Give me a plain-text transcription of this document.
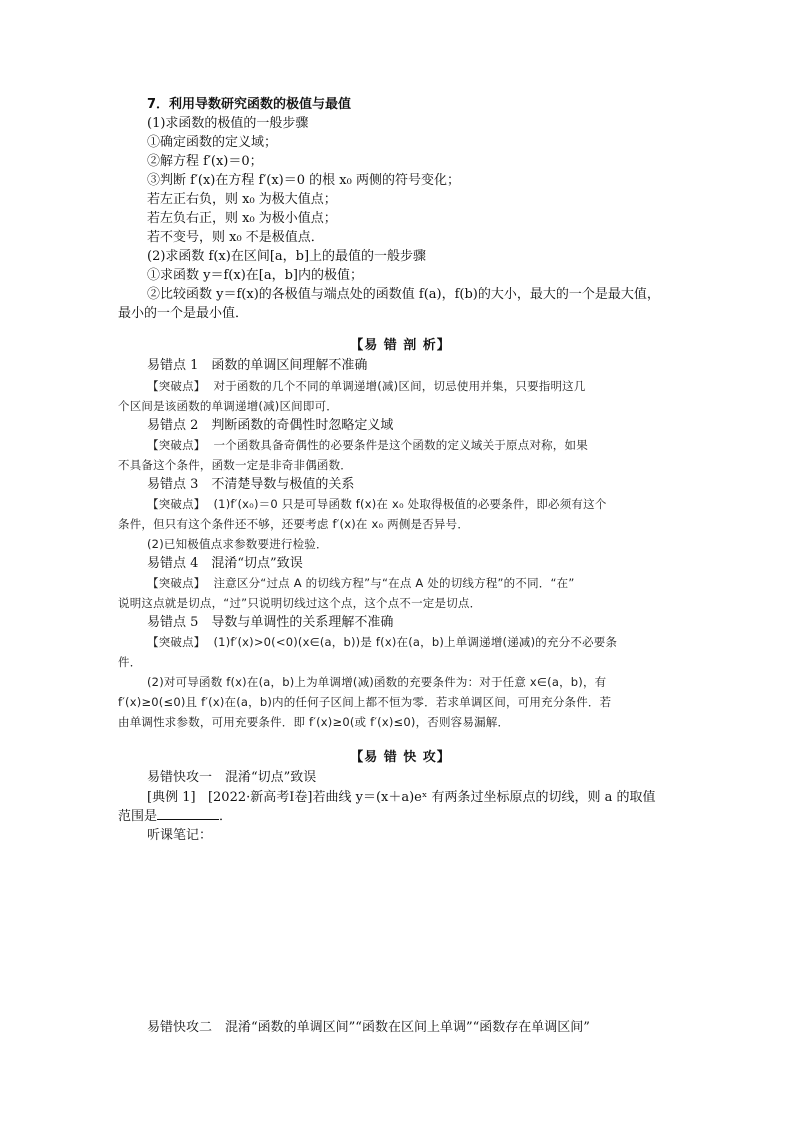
7．利用导数研究函数的极值与最值
(1)求函数的极值的一般步骤
①确定函数的定义域；
②解方程 f′(x)＝0；
③判断 f′(x)在方程 f′(x)＝0 的根 x₀ 两侧的符号变化；
若左正右负，则 x₀ 为极大值点；
若左负右正，则 x₀ 为极小值点；
若不变号，则 x₀ 不是极值点．
(2)求函数 f(x)在区间[a，b]上的最值的一般步骤
①求函数 y＝f(x)在[a，b]内的极值；
②比较函数 y＝f(x)的各极值与端点处的函数值 f(a)，f(b)的大小，最大的一个是最大值，
最小的一个是最小值．
【易 错 剖 析】
易错点 1　函数的单调区间理解不准确
【突破点】 对于函数的几个不同的单调递增(减)区间，切忌使用并集，只要指明这几
个区间是该函数的单调递增(减)区间即可．
易错点 2　判断函数的奇偶性时忽略定义域
【突破点】 一个函数具备奇偶性的必要条件是这个函数的定义域关于原点对称，如果
不具备这个条件，函数一定是非奇非偶函数．
易错点 3　不清楚导数与极值的关系
【突破点】 (1)f′(x₀)＝0 只是可导函数 f(x)在 x₀ 处取得极值的必要条件，即必须有这个
条件，但只有这个条件还不够，还要考虑 f′(x)在 x₀ 两侧是否异号．
(2)已知极值点求参数要进行检验．
易错点 4　混淆“切点”致误
【突破点】 注意区分“过点 A 的切线方程”与“在点 A 处的切线方程”的不同．“在”
说明这点就是切点，“过”只说明切线过这个点，这个点不一定是切点．
易错点 5　导数与单调性的关系理解不准确
【突破点】 (1)f′(x)>0(<0)(x∈(a，b))是 f(x)在(a，b)上单调递增(递减)的充分不必要条
件．
(2)对可导函数 f(x)在(a，b)上为单调增(减)函数的充要条件为：对于任意 x∈(a，b)，有
f′(x)≥0(≤0)且 f′(x)在(a，b)内的任何子区间上都不恒为零．若求单调区间，可用充分条件．若
由单调性求参数，可用充要条件．即 f′(x)≥0(或 f′(x)≤0)，否则容易漏解．
【易 错 快 攻】
易错快攻一　混淆“切点”致误
[典例 1] [2022·新高考Ⅰ卷]若曲线 y＝(x＋a)eˣ 有两条过坐标原点的切线，则 a 的取值
范围是	．
听课笔记：
易错快攻二　混淆“函数的单调区间”“函数在区间上单调”“函数存在单调区间”
